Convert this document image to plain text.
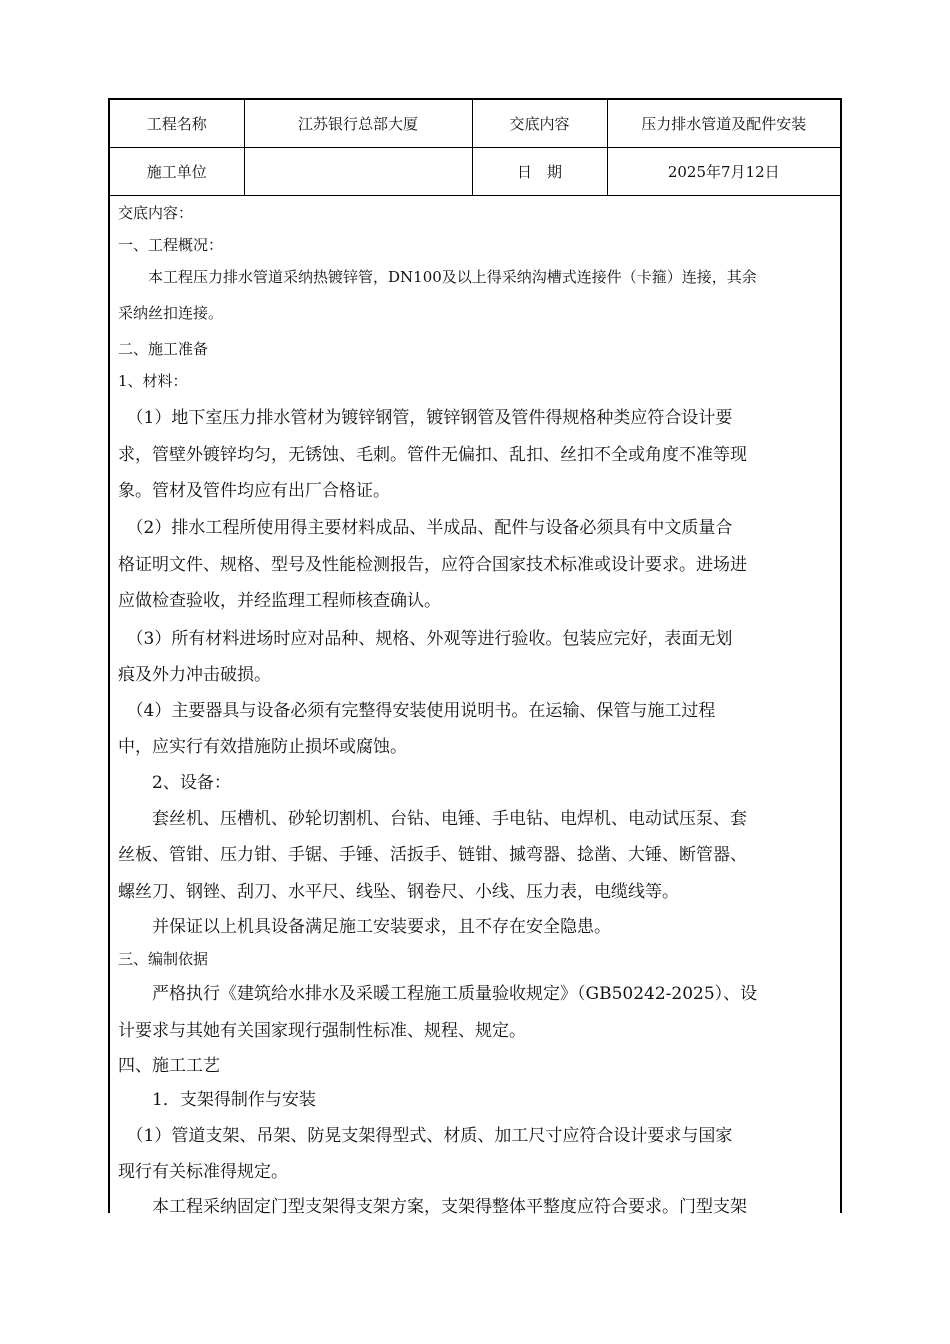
工程名称	江苏银行总部大厦	交底内容	压力排水管道及配件安装
施工单位		日　期	2025年7月12日
交底内容：
一、工程概况：
　　本工程压力排水管道采纳热镀锌管，DN100及以上得采纳沟槽式连接件（卡箍）连接，其余
采纳丝扣连接。
二、施工准备
1、材料：
　（1）地下室压力排水管材为镀锌钢管，镀锌钢管及管件得规格种类应符合设计要
求，管壁外镀锌均匀，无锈蚀、毛刺。管件无偏扣、乱扣、丝扣不全或角度不准等现
象。管材及管件均应有出厂合格证。
　（2）排水工程所使用得主要材料成品、半成品、配件与设备必须具有中文质量合
格证明文件、规格、型号及性能检测报告，应符合国家技术标准或设计要求。进场进
应做检查验收，并经监理工程师核查确认。
　（3）所有材料进场时应对品种、规格、外观等进行验收。包装应完好，表面无划
痕及外力冲击破损。
　（4）主要器具与设备必须有完整得安装使用说明书。在运输、保管与施工过程
中，应实行有效措施防止损坏或腐蚀。
　　2、设备：
　　套丝机、压槽机、砂轮切割机、台钻、电锤、手电钻、电焊机、电动试压泵、套
丝板、管钳、压力钳、手锯、手锤、活扳手、链钳、摵弯器、捻凿、大锤、断管器、
螺丝刀、钢锉、刮刀、水平尺、线坠、钢卷尺、小线、压力表，电缆线等。
　　并保证以上机具设备满足施工安装要求，且不存在安全隐患。
三、编制依据
　　严格执行《建筑给水排水及采暖工程施工质量验收规定》（GB50242-2025）、设
计要求与其她有关国家现行强制性标准、规程、规定。
四、施工工艺
　　1．支架得制作与安装
　（1）管道支架、吊架、防晃支架得型式、材质、加工尺寸应符合设计要求与国家
现行有关标准得规定。
　　本工程采纳固定门型支架得支架方案，支架得整体平整度应符合要求。门型支架
